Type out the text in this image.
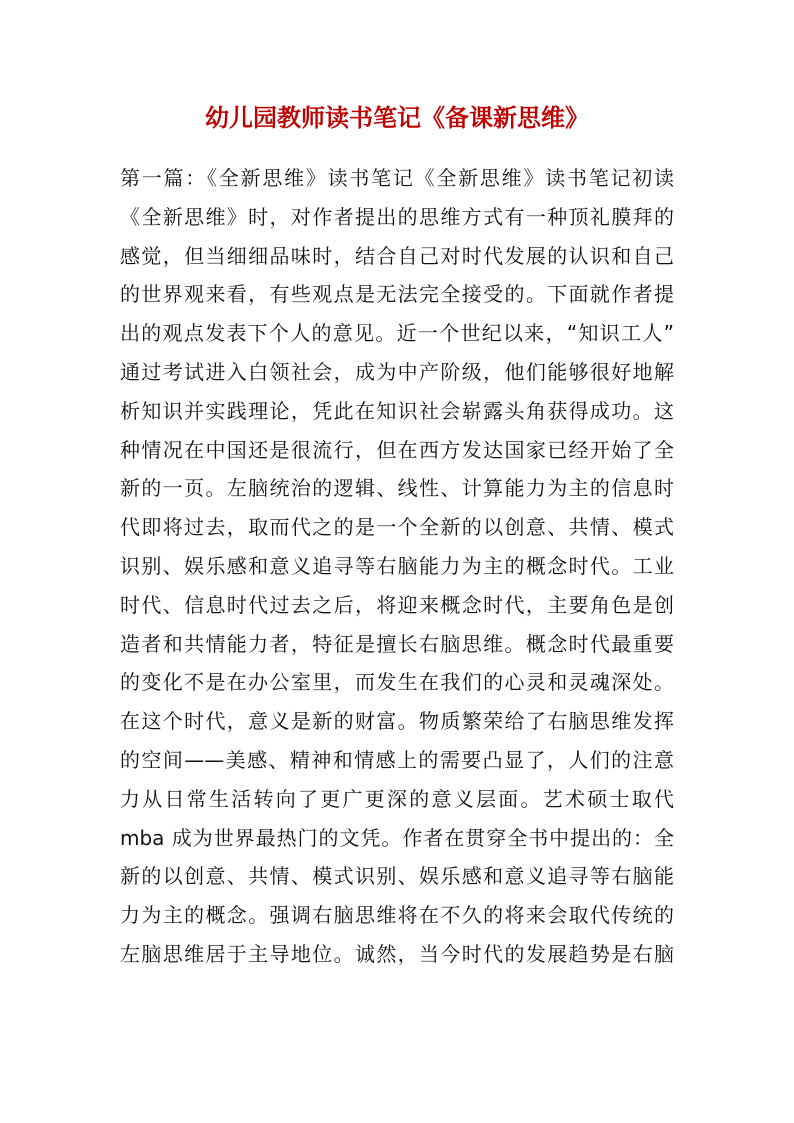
幼儿园教师读书笔记《备课新思维》
第一篇：《全新思维》读书笔记《全新思维》读书笔记初读
《全新思维》时，对作者提出的思维方式有一种顶礼膜拜的
感觉，但当细细品味时，结合自己对时代发展的认识和自己
的世界观来看，有些观点是无法完全接受的。下面就作者提
出的观点发表下个人的意见。近一个世纪以来，“知识工人”
通过考试进入白领社会，成为中产阶级，他们能够很好地解
析知识并实践理论，凭此在知识社会崭露头角获得成功。这
种情况在中国还是很流行，但在西方发达国家已经开始了全
新的一页。左脑统治的逻辑、线性、计算能力为主的信息时
代即将过去，取而代之的是一个全新的以创意、共情、模式
识别、娱乐感和意义追寻等右脑能力为主的概念时代。工业
时代、信息时代过去之后，将迎来概念时代，主要角色是创
造者和共情能力者，特征是擅长右脑思维。概念时代最重要
的变化不是在办公室里，而发生在我们的心灵和灵魂深处。
在这个时代，意义是新的财富。物质繁荣给了右脑思维发挥
的空间——美感、精神和情感上的需要凸显了，人们的注意
力从日常生活转向了更广更深的意义层面。艺术硕士取代
mba 成为世界最热门的文凭。作者在贯穿全书中提出的：全
新的以创意、共情、模式识别、娱乐感和意义追寻等右脑能
力为主的概念。强调右脑思维将在不久的将来会取代传统的
左脑思维居于主导地位。诚然，当今时代的发展趋势是右脑
